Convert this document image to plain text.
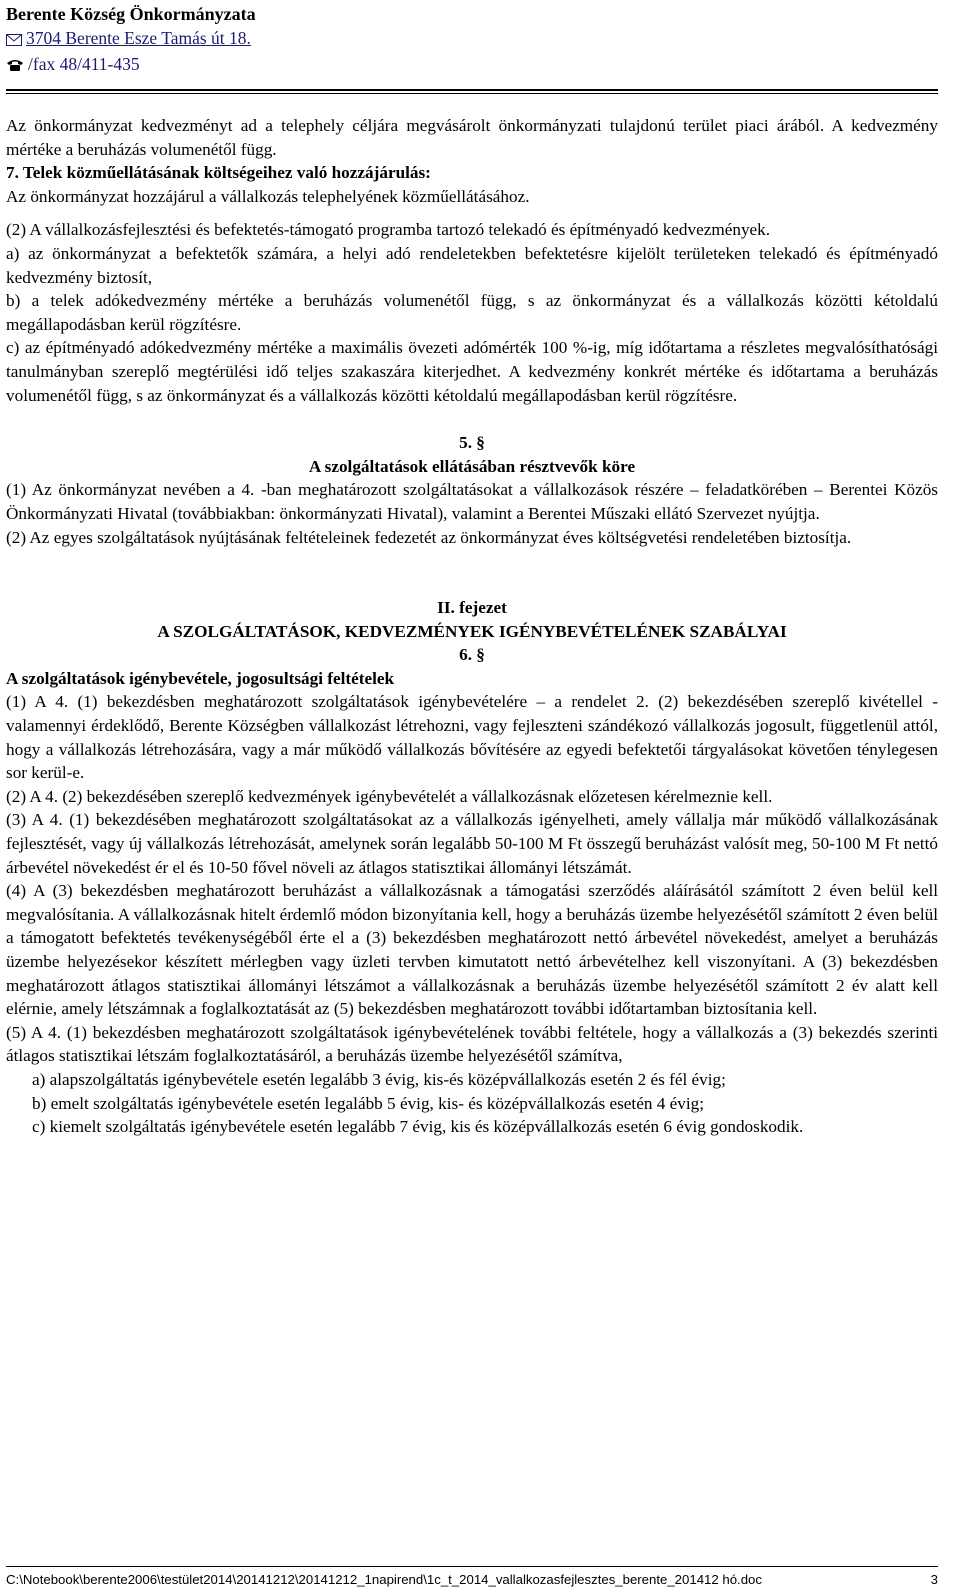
Berente Község Önkormányzata
3704 Berente Esze Tamás út 18.
/fax 48/411-435

Az önkormányzat kedvezményt ad a telephely céljára megvásárolt önkormányzati tulajdonú terület piaci árából. A kedvezmény mértéke a beruházás volumenétől függ.

7. Telek közműellátásának költségeihez való hozzájárulás:

Az önkormányzat hozzájárul a vállalkozás telephelyének közműellátásához.

(2) A vállalkozásfejlesztési és befektetés-támogató programba tartozó telekadó és építményadó kedvezmények.

a) az önkormányzat a befektetők számára, a helyi adó rendeletekben befektetésre kijelölt területeken telekadó és építményadó kedvezmény biztosít,

b) a telek adókedvezmény mértéke a beruházás volumenétől függ, s az önkormányzat és a vállalkozás közötti kétoldalú megállapodásban kerül rögzítésre.

c) az építményadó adókedvezmény mértéke a maximális övezeti adómérték 100 %-ig, míg időtartama a részletes megvalósíthatósági tanulmányban szereplő megtérülési idő teljes szakaszára kiterjedhet. A kedvezmény konkrét mértéke és időtartama a beruházás volumenétől függ, s az önkormányzat és a vállalkozás közötti kétoldalú megállapodásban kerül rögzítésre.

5. §

A szolgáltatások ellátásában résztvevők köre

(1) Az önkormányzat nevében a 4. -ban meghatározott szolgáltatásokat a vállalkozások részére – feladatkörében – Berentei Közös Önkormányzati Hivatal (továbbiakban: önkormányzati Hivatal), valamint a Berentei Műszaki ellátó Szervezet nyújtja.

(2) Az egyes szolgáltatások nyújtásának feltételeinek fedezetét az önkormányzat éves költségvetési rendeletében biztosítja.

II. fejezet

A SZOLGÁLTATÁSOK, KEDVEZMÉNYEK IGÉNYBEVÉTELÉNEK SZABÁLYAI

6. §

A szolgáltatások igénybevétele, jogosultsági feltételek

(1) A 4. (1) bekezdésben meghatározott szolgáltatások igénybevételére – a rendelet 2. (2) bekezdésében szereplő kivétellel - valamennyi érdeklődő, Berente Községben vállalkozást létrehozni, vagy fejleszteni szándékozó vállalkozás jogosult, függetlenül attól, hogy a vállalkozás létrehozására, vagy a már működő vállalkozás bővítésére az egyedi befektetői tárgyalásokat követően ténylegesen sor kerül-e.

(2) A 4. (2) bekezdésében szereplő kedvezmények igénybevételét a vállalkozásnak előzetesen kérelmeznie kell.

(3) A 4. (1) bekezdésében meghatározott szolgáltatásokat az a vállalkozás igényelheti, amely vállalja már működő vállalkozásának fejlesztését, vagy új vállalkozás létrehozását, amelynek során legalább 50-100 M Ft összegű beruházást valósít meg, 50-100 M Ft nettó árbevétel növekedést ér el és 10-50 fővel növeli az átlagos statisztikai állományi létszámát.

(4) A (3) bekezdésben meghatározott beruházást a vállalkozásnak a támogatási szerződés aláírásától számított 2 éven belül kell megvalósítania. A vállalkozásnak hitelt érdemlő módon bizonyítania kell, hogy a beruházás üzembe helyezésétől számított 2 éven belül a támogatott befektetés tevékenységéből érte el a (3) bekezdésben meghatározott nettó árbevétel növekedést, amelyet a beruházás üzembe helyezésekor készített mérlegben vagy üzleti tervben kimutatott nettó árbevételhez kell viszonyítani. A (3) bekezdésben meghatározott átlagos statisztikai állományi létszámot a vállalkozásnak a beruházás üzembe helyezésétől számított 2 év alatt kell elérnie, amely létszámnak a foglalkoztatását az (5) bekezdésben meghatározott további időtartamban biztosítania kell.

(5) A 4. (1) bekezdésben meghatározott szolgáltatások igénybevételének további feltétele, hogy a vállalkozás a (3) bekezdés szerinti átlagos statisztikai létszám foglalkoztatásáról, a beruházás üzembe helyezésétől számítva,

a) alapszolgáltatás igénybevétele esetén legalább 3 évig, kis-és középvállalkozás esetén 2 és fél évig;

b) emelt szolgáltatás igénybevétele esetén legalább 5 évig, kis- és középvállalkozás esetén 4 évig;

c) kiemelt szolgáltatás igénybevétele esetén legalább 7 évig, kis és középvállalkozás esetén 6 évig gondoskodik.

C:\Notebook\berente2006\testület2014\20141212\20141212_1napirend\1c_t_2014_vallalkozasfejlesztes_berente_201412 hó.doc	3
